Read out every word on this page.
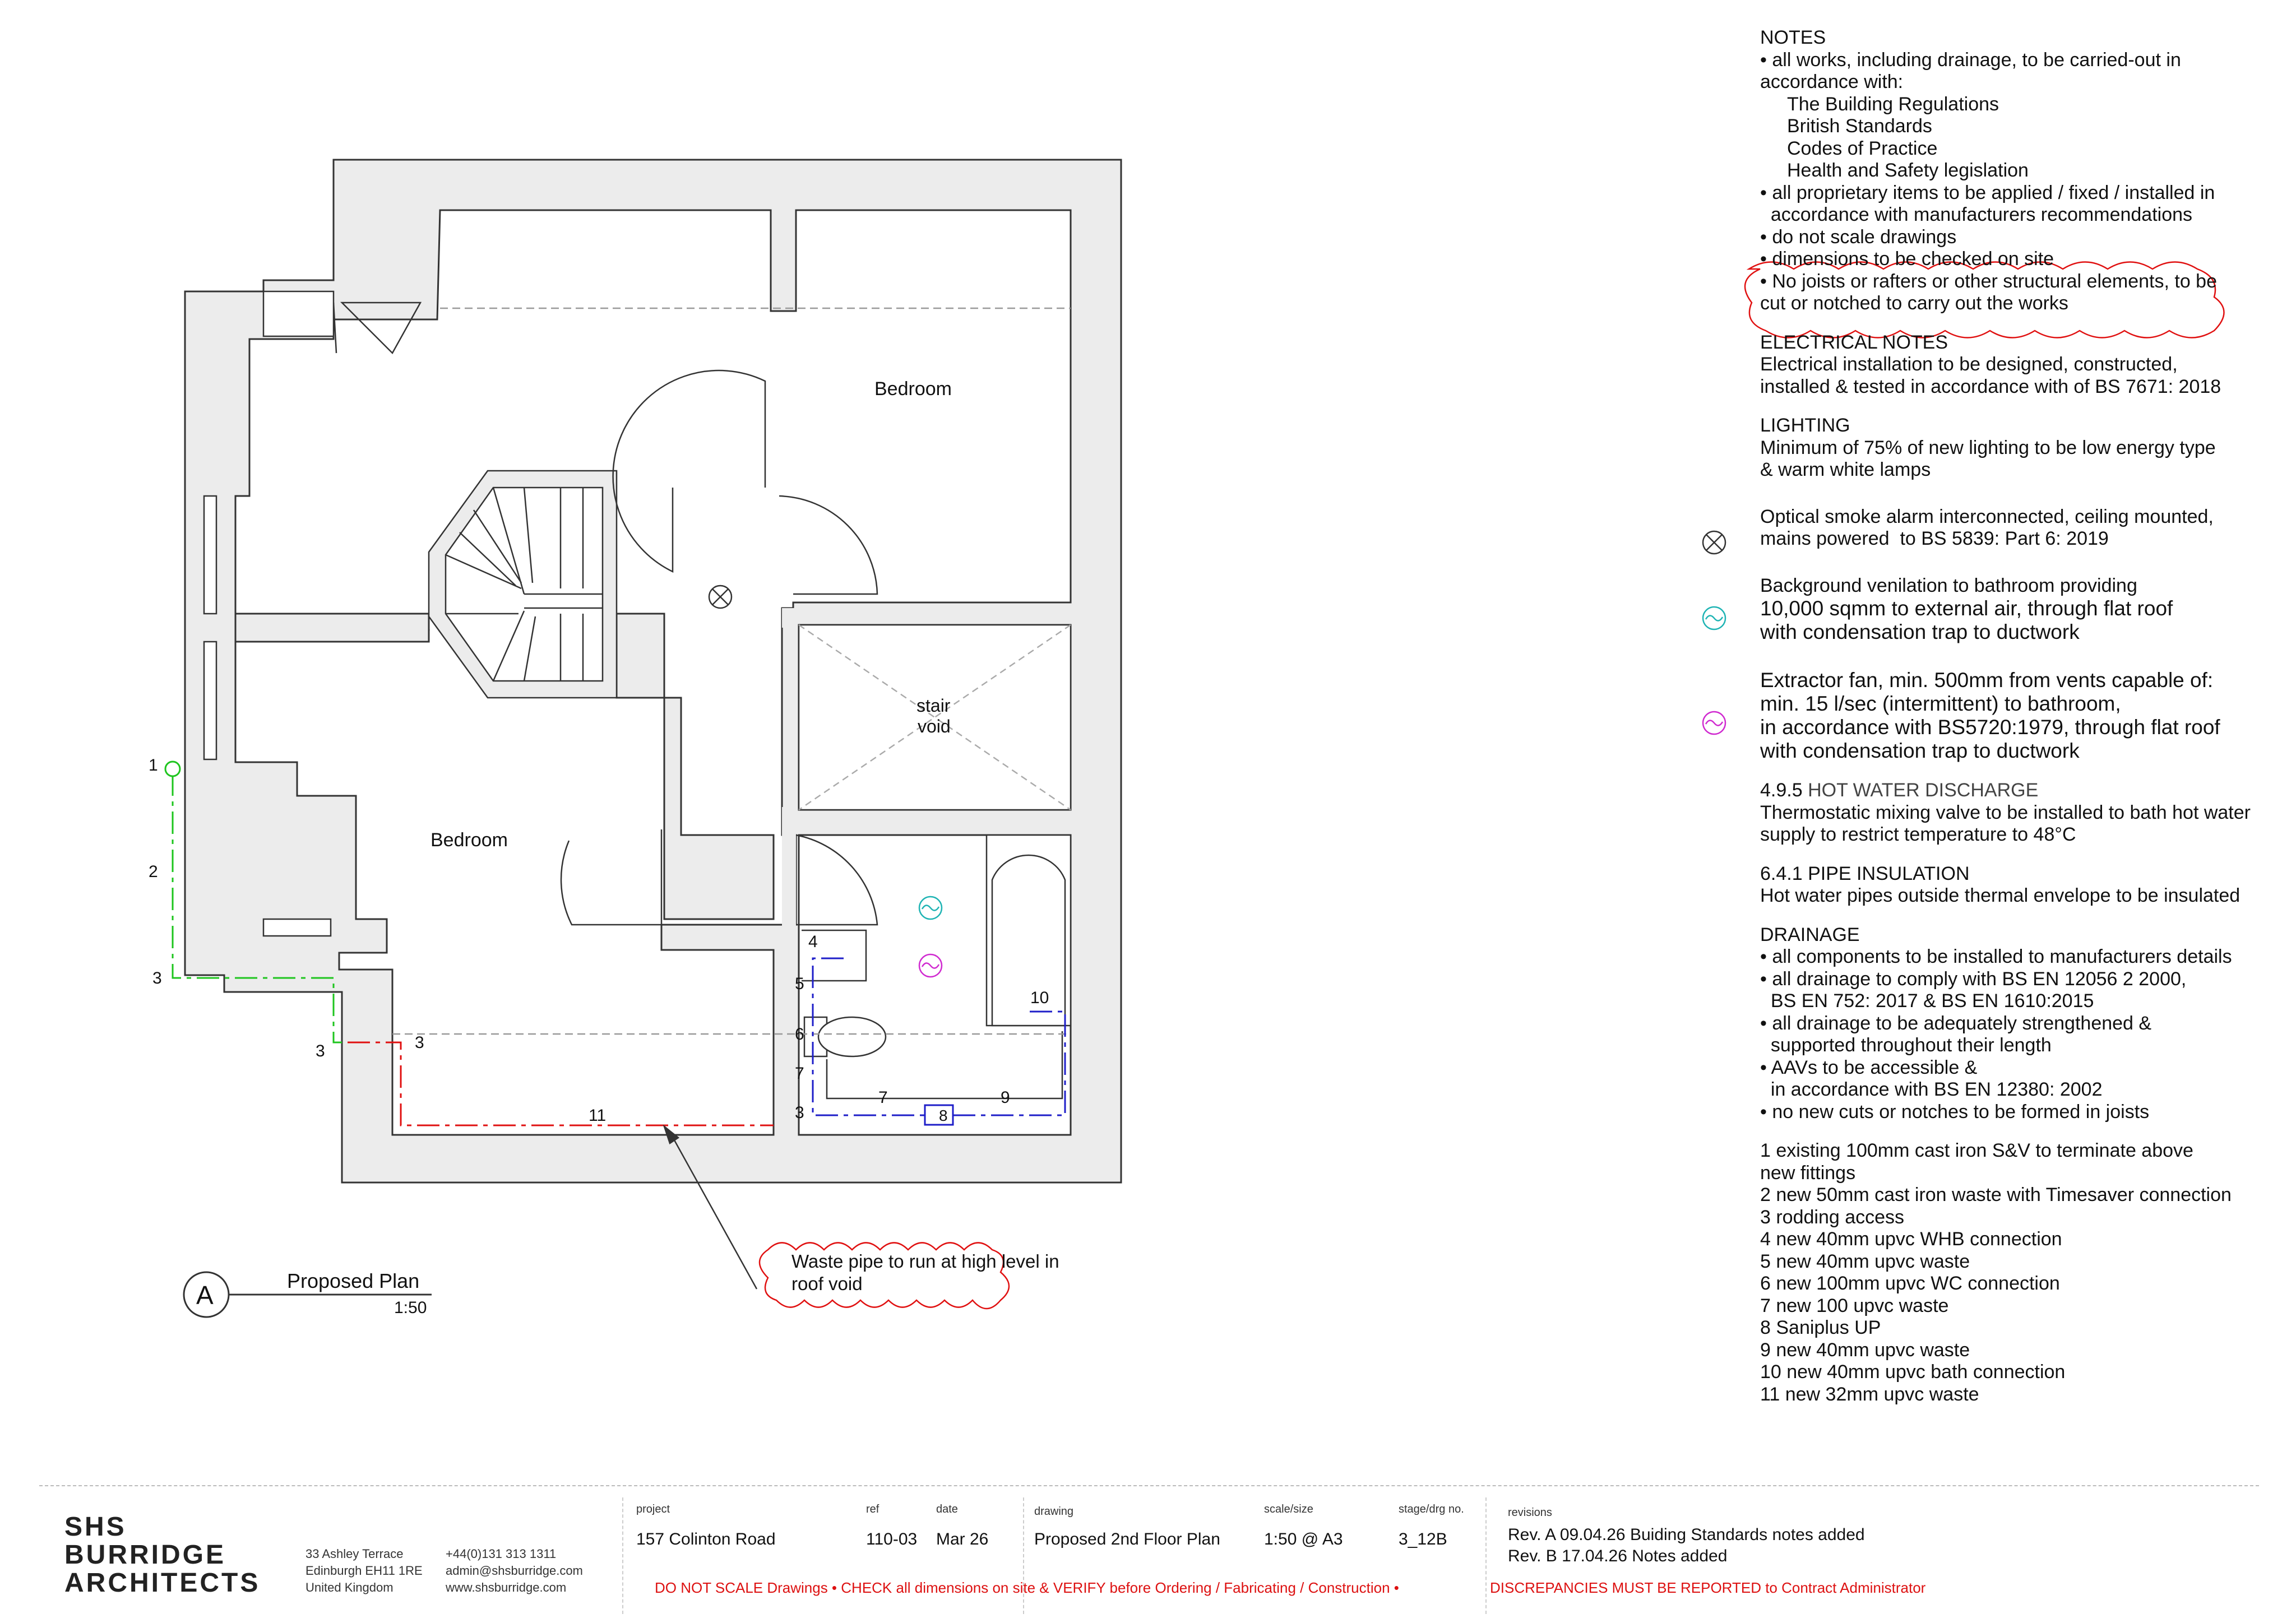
Bedroom
Bedroom
stair
void
1
2
3
3	3
11
4
5
6
7
3
7
8
9
10
Waste pipe to run at high level in
roof void
A	Proposed Plan
1:50
NOTES
• all works, including drainage, to be carried-out in
accordance with:
The Building Regulations
British Standards
Codes of Practice
Health and Safety legislation
• all proprietary items to be applied / fixed / installed in
accordance with manufacturers recommendations
• do not scale drawings
• dimensions to be checked on site
• No joists or rafters or other structural elements, to be
cut or notched to carry out the works
ELECTRICAL NOTES
Electrical installation to be designed, constructed,
installed & tested in accordance with of BS 7671: 2018
LIGHTING
Minimum of 75% of new lighting to be low energy type
& warm white lamps
Optical smoke alarm interconnected, ceiling mounted,
mains powered  to BS 5839: Part 6: 2019
Background venilation to bathroom providing
10,000 sqmm to external air, through flat roof
with condensation trap to ductwork
Extractor fan, min. 500mm from vents capable of:
min. 15 l/sec (intermittent) to bathroom,
in accordance with BS5720:1979, through flat roof
with condensation trap to ductwork
4.9.5 HOT WATER DISCHARGE
Thermostatic mixing valve to be installed to bath hot water
supply to restrict temperature to 48°C
6.4.1 PIPE INSULATION
Hot water pipes outside thermal envelope to be insulated
DRAINAGE
• all components to be installed to manufacturers details
• all drainage to comply with BS EN 12056 2 2000,
BS EN 752: 2017 & BS EN 1610:2015
• all drainage to be adequately strengthened &
supported throughout their length
• AAVs to be accessible &
in accordance with BS EN 12380: 2002
• no new cuts or notches to be formed in joists
1 existing 100mm cast iron S&V to terminate above
new fittings
2 new 50mm cast iron waste with Timesaver connection
3 rodding access
4 new 40mm upvc WHB connection
5 new 40mm upvc waste
6 new 100mm upvc WC connection
7 new 100 upvc waste
8 Saniplus UP
9 new 40mm upvc waste
10 new 40mm upvc bath connection
11 new 32mm upvc waste
SHS
BURRIDGE
ARCHITECTS
33 Ashley Terrace
Edinburgh EH11 1RE
United Kingdom
+44(0)131 313 1311
admin@shsburridge.com
www.shsburridge.com
project
157 Colinton Road
ref
110-03
date
Mar 26
drawing
Proposed 2nd Floor Plan
scale/size
1:50 @ A3
stage/drg no.
3_12B
revisions
Rev. A 09.04.26 Buiding Standards notes added
Rev. B 17.04.26 Notes added
DO NOT SCALE Drawings • CHECK all dimensions on site & VERIFY before Ordering / Fabricating / Construction •	DISCREPANCIES MUST BE REPORTED to Contract Administrator
